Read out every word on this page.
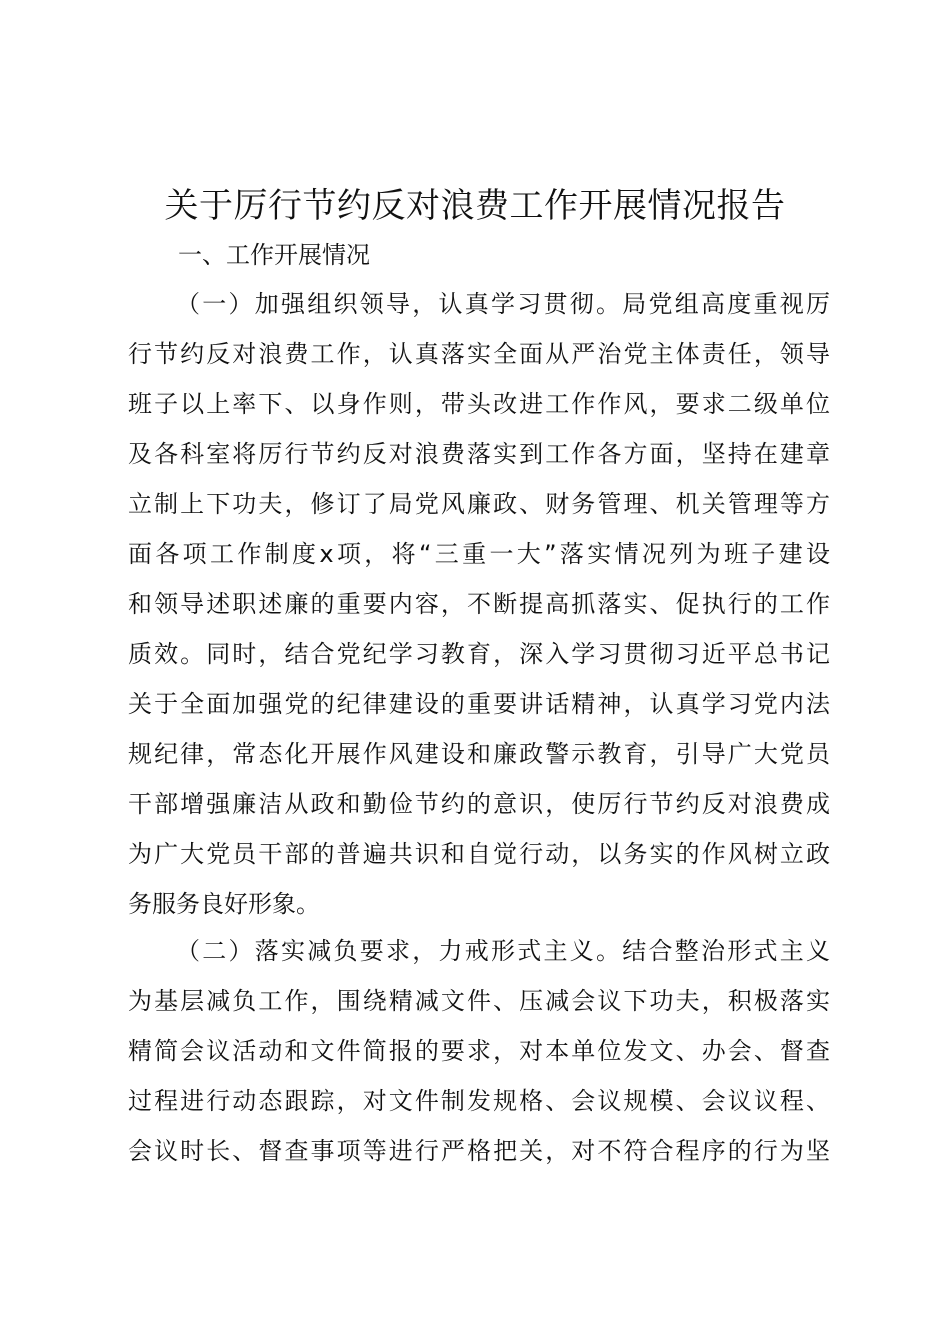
关于厉行节约反对浪费工作开展情况报告
一、工作开展情况
（一）加强组织领导，认真学习贯彻。局党组高度重视厉
行节约反对浪费工作，认真落实全面从严治党主体责任，领导
班子以上率下、以身作则，带头改进工作作风，要求二级单位
及各科室将厉行节约反对浪费落实到工作各方面，坚持在建章
立制上下功夫，修订了局党风廉政、财务管理、机关管理等方
面各项工作制度x项，将“三重一大”落实情况列为班子建设
和领导述职述廉的重要内容，不断提高抓落实、促执行的工作
质效。同时，结合党纪学习教育，深入学习贯彻习近平总书记
关于全面加强党的纪律建设的重要讲话精神，认真学习党内法
规纪律，常态化开展作风建设和廉政警示教育，引导广大党员
干部增强廉洁从政和勤俭节约的意识，使厉行节约反对浪费成
为广大党员干部的普遍共识和自觉行动，以务实的作风树立政
务服务良好形象。
（二）落实减负要求，力戒形式主义。结合整治形式主义
为基层减负工作，围绕精减文件、压减会议下功夫，积极落实
精简会议活动和文件简报的要求，对本单位发文、办会、督查
过程进行动态跟踪，对文件制发规格、会议规模、会议议程、
会议时长、督查事项等进行严格把关，对不符合程序的行为坚
